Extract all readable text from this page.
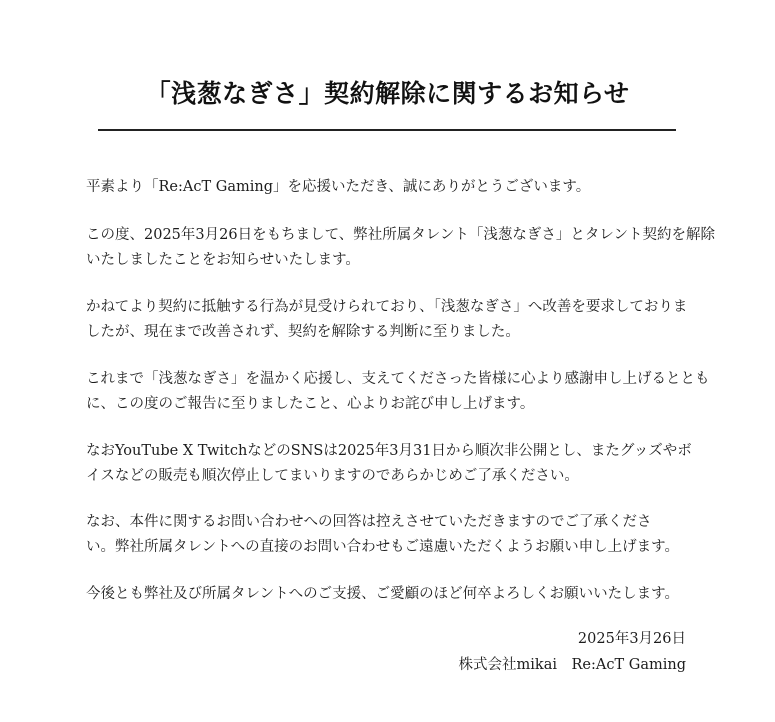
「浅葱なぎさ」契約解除に関するお知らせ

平素より「Re:AcT Gaming」を応援いただき、誠にありがとうございます。

この度、2025年3月26日をもちまして、弊社所属タレント「浅葱なぎさ」とタレント契約を解除
いたしましたことをお知らせいたします。

かねてより契約に抵触する行為が見受けられており、「浅葱なぎさ」へ改善を要求しておりま
したが、現在まで改善されず、契約を解除する判断に至りました。

これまで「浅葱なぎさ」を温かく応援し、支えてくださった皆様に心より感謝申し上げるととも
に、この度のご報告に至りましたこと、心よりお詫び申し上げます。

なおYouTube X TwitchなどのSNSは2025年3月31日から順次非公開とし、またグッズやボ
イスなどの販売も順次停止してまいりますのであらかじめご了承ください。

なお、本件に関するお問い合わせへの回答は控えさせていただきますのでご了承くださ
い。弊社所属タレントへの直接のお問い合わせもご遠慮いただくようお願い申し上げます。

今後とも弊社及び所属タレントへのご支援、ご愛顧のほど何卒よろしくお願いいたします。

2025年3月26日

株式会社mikai　Re:AcT Gaming
